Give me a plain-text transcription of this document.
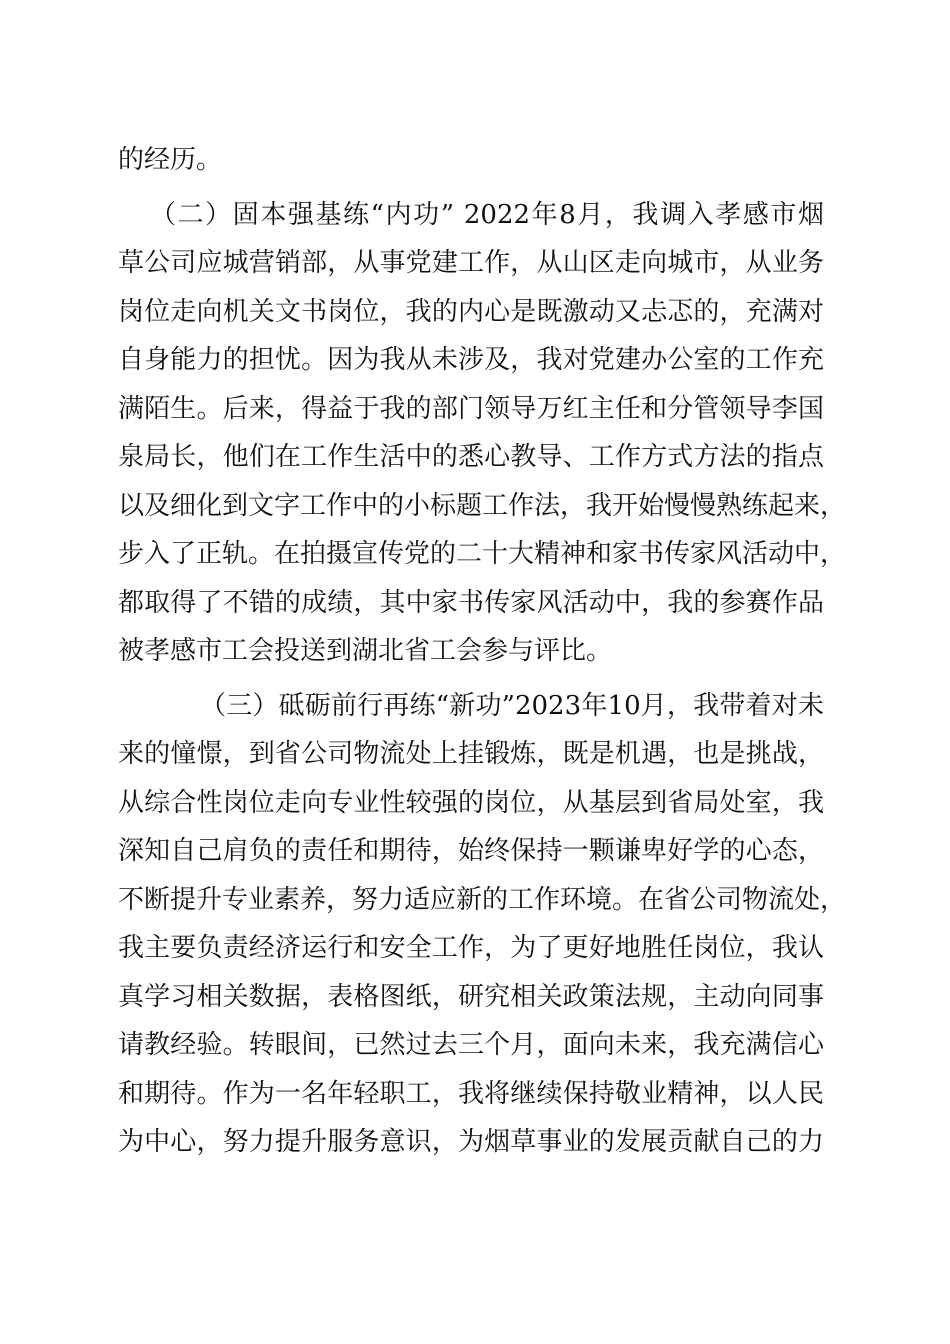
的经历。
（二）固本强基练“内功” 2022年8月，我调入孝感市烟
草公司应城营销部，从事党建工作，从山区走向城市，从业务
岗位走向机关文书岗位，我的内心是既激动又忐忑的，充满对
自身能力的担忧。因为我从未涉及，我对党建办公室的工作充
满陌生。后来，得益于我的部门领导万红主任和分管领导李国
泉局长，他们在工作生活中的悉心教导、工作方式方法的指点
以及细化到文字工作中的小标题工作法，我开始慢慢熟练起来，
步入了正轨。在拍摄宣传党的二十大精神和家书传家风活动中，
都取得了不错的成绩，其中家书传家风活动中，我的参赛作品
被孝感市工会投送到湖北省工会参与评比。
（三）砥砺前行再练“新功”2023年10月，我带着对未
来的憧憬，到省公司物流处上挂锻炼，既是机遇，也是挑战，
从综合性岗位走向专业性较强的岗位，从基层到省局处室，我
深知自己肩负的责任和期待，始终保持一颗谦卑好学的心态，
不断提升专业素养，努力适应新的工作环境。在省公司物流处，
我主要负责经济运行和安全工作，为了更好地胜任岗位，我认
真学习相关数据，表格图纸，研究相关政策法规，主动向同事
请教经验。转眼间，已然过去三个月，面向未来，我充满信心
和期待。作为一名年轻职工，我将继续保持敬业精神，以人民
为中心，努力提升服务意识，为烟草事业的发展贡献自己的力
